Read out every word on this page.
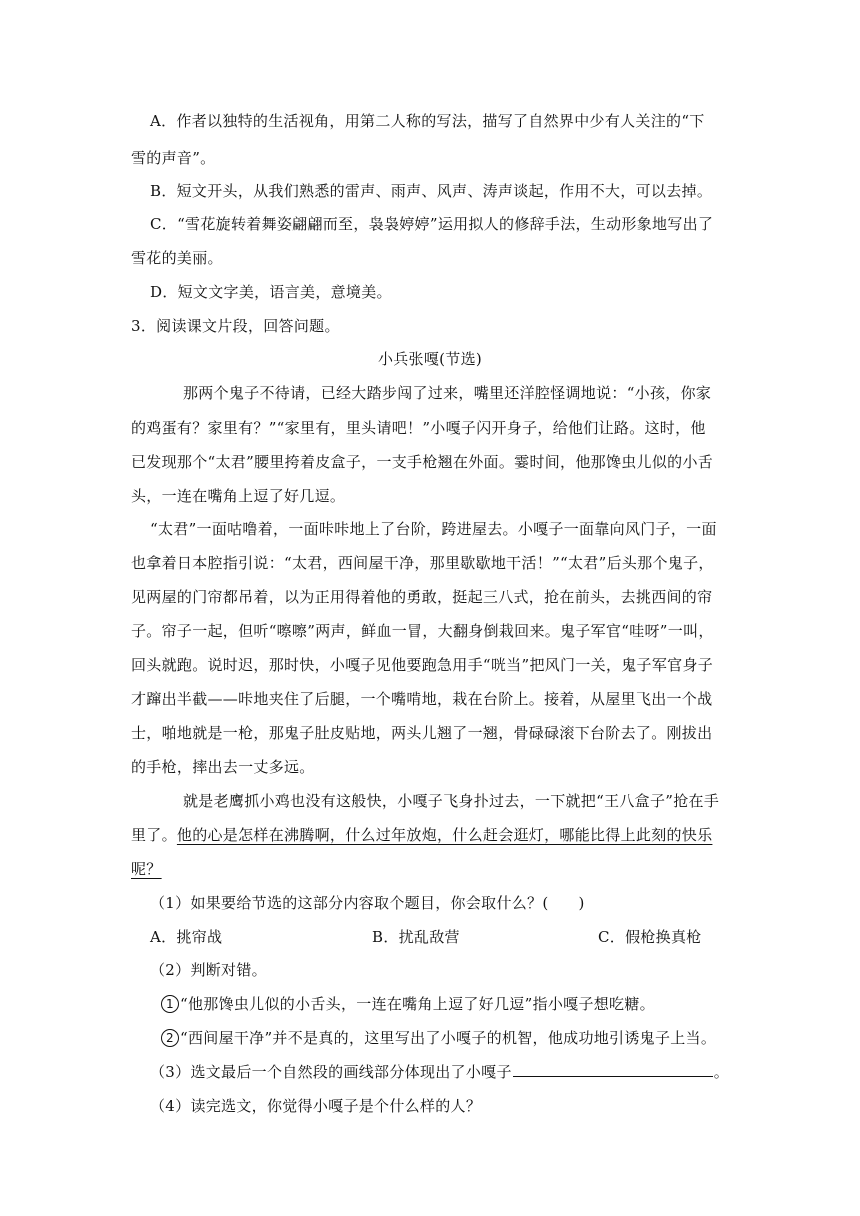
A．作者以独特的生活视角，用第二人称的写法，描写了自然界中少有人关注的“下
雪的声音”。
B．短文开头，从我们熟悉的雷声、雨声、风声、涛声谈起，作用不大，可以去掉。
C．“雪花旋转着舞姿翩翩而至，袅袅婷婷”运用拟人的修辞手法，生动形象地写出了
雪花的美丽。
D．短文文字美，语言美，意境美。
3．阅读课文片段，回答问题。
小兵张嘎(节选)
那两个鬼子不待请，已经大踏步闯了过来，嘴里还洋腔怪调地说：“小孩，你家
的鸡蛋有？家里有？”“家里有，里头请吧！”小嘎子闪开身子，给他们让路。这时，他
已发现那个“太君”腰里挎着皮盒子，一支手枪翘在外面。霎时间，他那馋虫儿似的小舌
头，一连在嘴角上逗了好几逗。
“太君”一面咕噜着，一面咔咔地上了台阶，跨进屋去。小嘎子一面靠向风门子，一面
也拿着日本腔指引说：“太君，西间屋干净，那里歇歇地干活！”“太君”后头那个鬼子，
见两屋的门帘都吊着，以为正用得着他的勇敢，挺起三八式，抢在前头，去挑西间的帘
子。帘子一起，但听“嚓嚓”两声，鲜血一冒，大翻身倒栽回来。鬼子军官“哇呀”一叫，
回头就跑。说时迟，那时快，小嘎子见他要跑急用手“咣当”把风门一关，鬼子军官身子
才蹿出半截——咔地夹住了后腿，一个嘴啃地，栽在台阶上。接着，从屋里飞出一个战
士，啪地就是一枪，那鬼子肚皮贴地，两头儿翘了一翘，骨碌碌滚下台阶去了。刚拔出
的手枪，摔出去一丈多远。
就是老鹰抓小鸡也没有这般快，小嘎子飞身扑过去，一下就把“王八盒子”抢在手
里了。他的心是怎样在沸腾啊，什么过年放炮，什么赶会逛灯，哪能比得上此刻的快乐
呢？
（1）如果要给节选的这部分内容取个题目，你会取什么？( )
A．挑帘战	B．扰乱敌营	C．假枪换真枪
（2）判断对错。
1 “他那馋虫儿似的小舌头，一连在嘴角上逗了好几逗”指小嘎子想吃糖。
2 “西间屋干净”并不是真的，这里写出了小嘎子的机智，他成功地引诱鬼子上当。
（3）选文最后一个自然段的画线部分体现出了小嘎子	。
（4）读完选文，你觉得小嘎子是个什么样的人？
